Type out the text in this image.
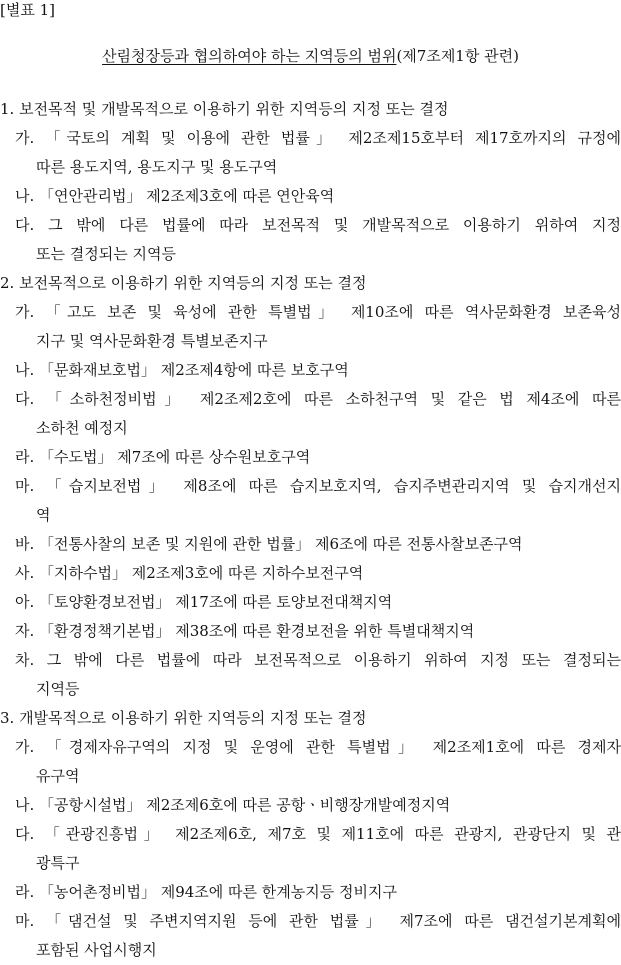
[별표 1]
산림청장등과 협의하여야 하는 지역등의 범위(제7조제1항 관련)
1. 보전목적 및 개발목적으로 이용하기 위한 지역등의 지정 또는 결정
가. 「국토의 계획 및 이용에 관한 법률」 제2조제15호부터 제17호까지의 규정에
따른 용도지역, 용도지구 및 용도구역
나. 「연안관리법」 제2조제3호에 따른 연안육역
다. 그 밖에 다른 법률에 따라 보전목적 및 개발목적으로 이용하기 위하여 지정
또는 결정되는 지역등
2. 보전목적으로 이용하기 위한 지역등의 지정 또는 결정
가. 「고도 보존 및 육성에 관한 특별법」 제10조에 따른 역사문화환경 보존육성
지구 및 역사문화환경 특별보존지구
나. 「문화재보호법」 제2조제4항에 따른 보호구역
다. 「소하천정비법」 제2조제2호에 따른 소하천구역 및 같은 법 제4조에 따른
소하천 예정지
라. 「수도법」 제7조에 따른 상수원보호구역
마. 「습지보전법」 제8조에 따른 습지보호지역, 습지주변관리지역 및 습지개선지
역
바. 「전통사찰의 보존 및 지원에 관한 법률」 제6조에 따른 전통사찰보존구역
사. 「지하수법」 제2조제3호에 따른 지하수보전구역
아. 「토양환경보전법」 제17조에 따른 토양보전대책지역
자. 「환경정책기본법」 제38조에 따른 환경보전을 위한 특별대책지역
차. 그 밖에 다른 법률에 따라 보전목적으로 이용하기 위하여 지정 또는 결정되는
지역등
3. 개발목적으로 이용하기 위한 지역등의 지정 또는 결정
가. 「경제자유구역의 지정 및 운영에 관한 특별법」 제2조제1호에 따른 경제자
유구역
나. 「공항시설법」 제2조제6호에 따른 공항ㆍ비행장개발예정지역
다. 「관광진흥법」 제2조제6호, 제7호 및 제11호에 따른 관광지, 관광단지 및 관
광특구
라. 「농어촌정비법」 제94조에 따른 한계농지등 정비지구
마. 「댐건설 및 주변지역지원 등에 관한 법률」 제7조에 따른 댐건설기본계획에
포함된 사업시행지
